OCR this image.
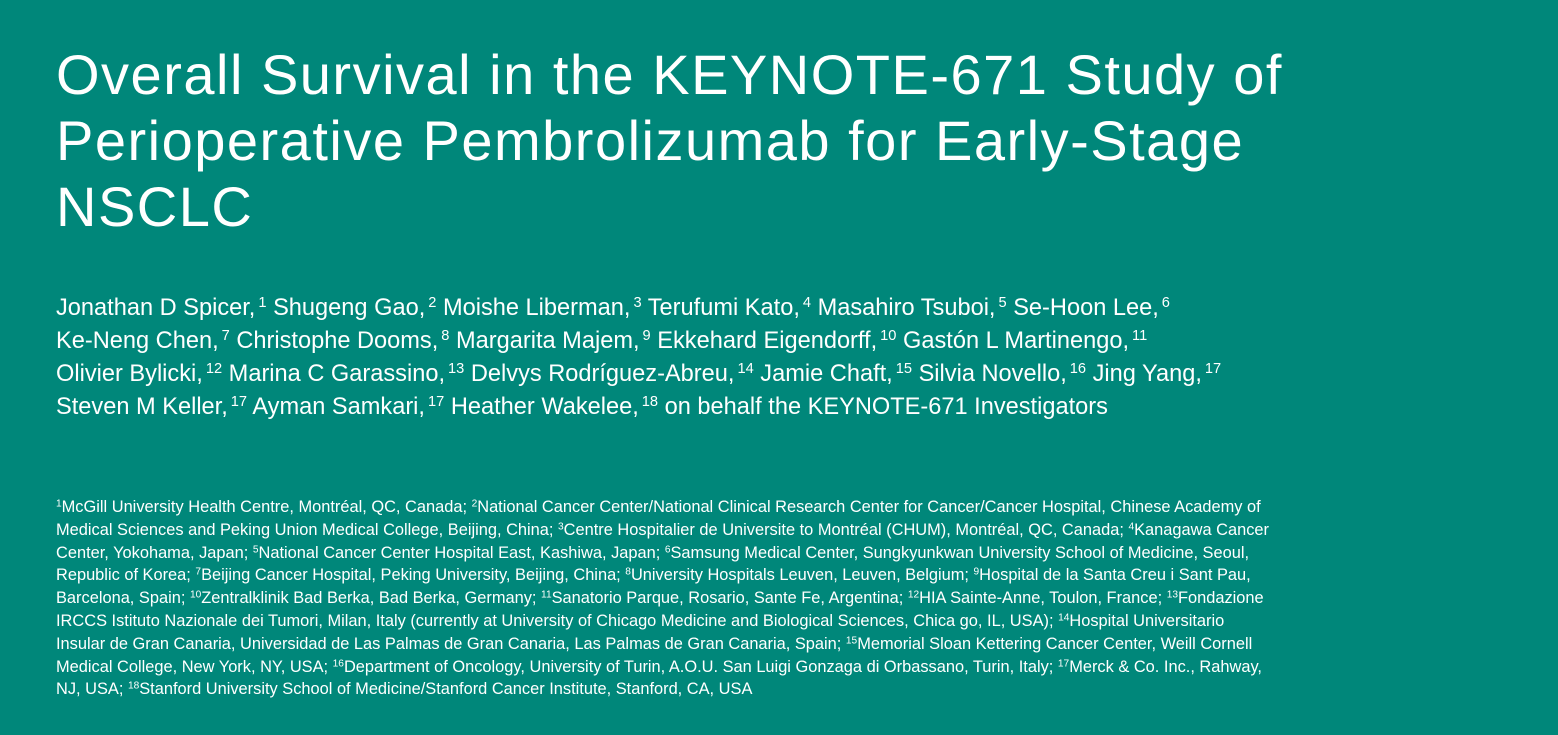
Overall Survival in the KEYNOTE-671 Study of
Perioperative Pembrolizumab for Early-Stage
NSCLC
Jonathan D Spicer, $^1$ Shugeng Gao, $^2$ Moishe Liberman, $^3$ Terufumi Kato, $^4$ Masahiro Tsuboi, $^5$ Se-Hoon Lee, $^6$
Ke-Neng Chen, $^7$ Christophe Dooms, $^8$ Margarita Majem, $^9$ Ekkehard Eigendorff, $^{10}$ Gastón L Martinengo, $^{11}$
Olivier Bylicki, $^{12}$ Marina C Garassino, $^{13}$ Delvys Rodríguez-Abreu, $^{14}$ Jamie Chaft, $^{15}$ Silvia Novello, $^{16}$ Jing Yang, $^{17}$
Steven M Keller, $^{17}$ Ayman Samkari, $^{17}$ Heather Wakelee, $^{18}$ on behalf the KEYNOTE-671 Investigators
$^1$McGill University Health Centre, Montréal, QC, Canada; $^2$National Cancer Center/National Clinical Research Center for Cancer/Cancer Hospital, Chinese Academy of
Medical Sciences and Peking Union Medical College, Beijing, China; $^3$Centre Hospitalier de Universite to Montréal (CHUM), Montréal, QC, Canada; $^4$Kanagawa Cancer
Center, Yokohama, Japan; $^5$National Cancer Center Hospital East, Kashiwa, Japan; $^6$Samsung Medical Center, Sungkyunkwan University School of Medicine, Seoul,
Republic of Korea; $^7$Beijing Cancer Hospital, Peking University, Beijing, China; $^8$University Hospitals Leuven, Leuven, Belgium; $^9$Hospital de la Santa Creu i Sant Pau,
Barcelona, Spain; $^{10}$Zentralklinik Bad Berka, Bad Berka, Germany; $^{11}$Sanatorio Parque, Rosario, Sante Fe, Argentina; $^{12}$HIA Sainte-Anne, Toulon, France; $^{13}$Fondazione
IRCCS Istituto Nazionale dei Tumori, Milan, Italy (currently at University of Chicago Medicine and Biological Sciences, Chica go, IL, USA); $^{14}$Hospital Universitario
Insular de Gran Canaria, Universidad de Las Palmas de Gran Canaria, Las Palmas de Gran Canaria, Spain; $^{15}$Memorial Sloan Kettering Cancer Center, Weill Cornell
Medical College, New York, NY, USA; $^{16}$Department of Oncology, University of Turin, A.O.U. San Luigi Gonzaga di Orbassano, Turin, Italy; $^{17}$Merck & Co. Inc., Rahway,
NJ, USA; $^{18}$Stanford University School of Medicine/Stanford Cancer Institute, Stanford, CA, USA
